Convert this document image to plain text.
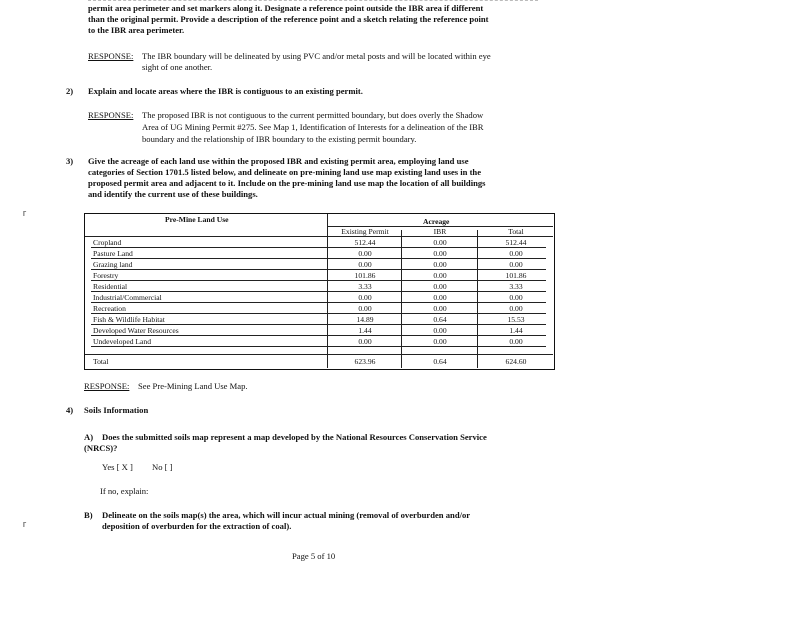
permit area perimeter and set markers along it. Designate a reference point outside the IBR area if different
than the original permit. Provide a description of the reference point and a sketch relating the reference point
to the IBR area perimeter.
RESPONSE: The IBR boundary will be delineated by using PVC and/or metal posts and will be located within eye
sight of one another.
2) Explain and locate areas where the IBR is contiguous to an existing permit.
RESPONSE: The proposed IBR is not contiguous to the current permitted boundary, but does overly the Shadow
Area of UG Mining Permit #275. See Map 1, Identification of Interests for a delineation of the IBR
boundary and the relationship of IBR boundary to the existing permit boundary.
3) Give the acreage of each land use within the proposed IBR and existing permit area, employing land use
categories of Section 1701.5 listed below, and delineate on pre-mining land use map existing land uses in the
proposed permit area and adjacent to it. Include on the pre-mining land use map the location of all buildings
and identify the current use of these buildings.
⸢
⸢
Pre-Mine Land Use	Acreage
Existing Permit	IBR	Total
Cropland	512.44	0.00	512.44
Pasture Land	0.00	0.00	0.00
Grazing land	0.00	0.00	0.00
Forestry	101.86	0.00	101.86
Residential	3.33	0.00	3.33
Industrial/Commercial	0.00	0.00	0.00
Recreation	0.00	0.00	0.00
Fish & Wildlife Habitat	14.89	0.64	15.53
Developed Water Resources	1.44	0.00	1.44
Undeveloped Land	0.00	0.00	0.00
Total	623.96	0.64	624.60
RESPONSE: See Pre-Mining Land Use Map.
4) Soils Information
A) Does the submitted soils map represent a map developed by the National Resources Conservation Service
(NRCS)?
Yes [ X ] No [ ]
If no, explain:
B) Delineate on the soils map(s) the area, which will incur actual mining (removal of overburden and/or
deposition of overburden for the extraction of coal).
Page 5 of 10
